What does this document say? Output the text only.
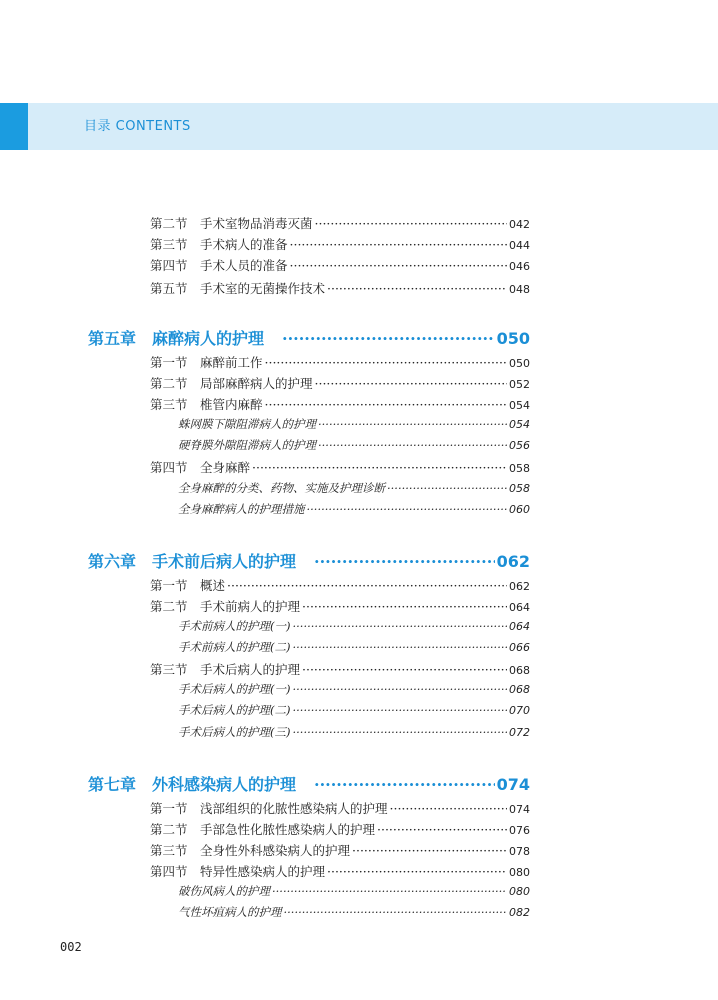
目录 CONTENTS
第二节　手术室物品消毒灭菌 ·····	042
第三节　手术病人的准备 ·····	044
第四节　手术人员的准备 ·····	046
第五节　手术室的无菌操作技术 ·····	048
第五章　麻醉病人的护理　 ·····	050
第一节　麻醉前工作 ·····	050
第二节　局部麻醉病人的护理 ·····	052
第三节　椎管内麻醉 ·····	054
蛛网膜下隙阻滞病人的护理 ·····	054
硬脊膜外隙阻滞病人的护理 ·····	056
第四节　全身麻醉 ·····	058
全身麻醉的分类、药物、实施及护理诊断 ·····	058
全身麻醉病人的护理措施 ·····	060
第六章　手术前后病人的护理　 ·····	062
第一节　概述 ·····	062
第二节　手术前病人的护理 ·····	064
手术前病人的护理(一) ·····	064
手术前病人的护理(二) ·····	066
第三节　手术后病人的护理 ·····	068
手术后病人的护理(一) ·····	068
手术后病人的护理(二) ·····	070
手术后病人的护理(三) ·····	072
第七章　外科感染病人的护理　 ·····	074
第一节　浅部组织的化脓性感染病人的护理 ·····	074
第二节　手部急性化脓性感染病人的护理 ·····	076
第三节　全身性外科感染病人的护理 ·····	078
第四节　特异性感染病人的护理 ·····	080
破伤风病人的护理 ·····	080
气性坏疽病人的护理 ·····	082
002
